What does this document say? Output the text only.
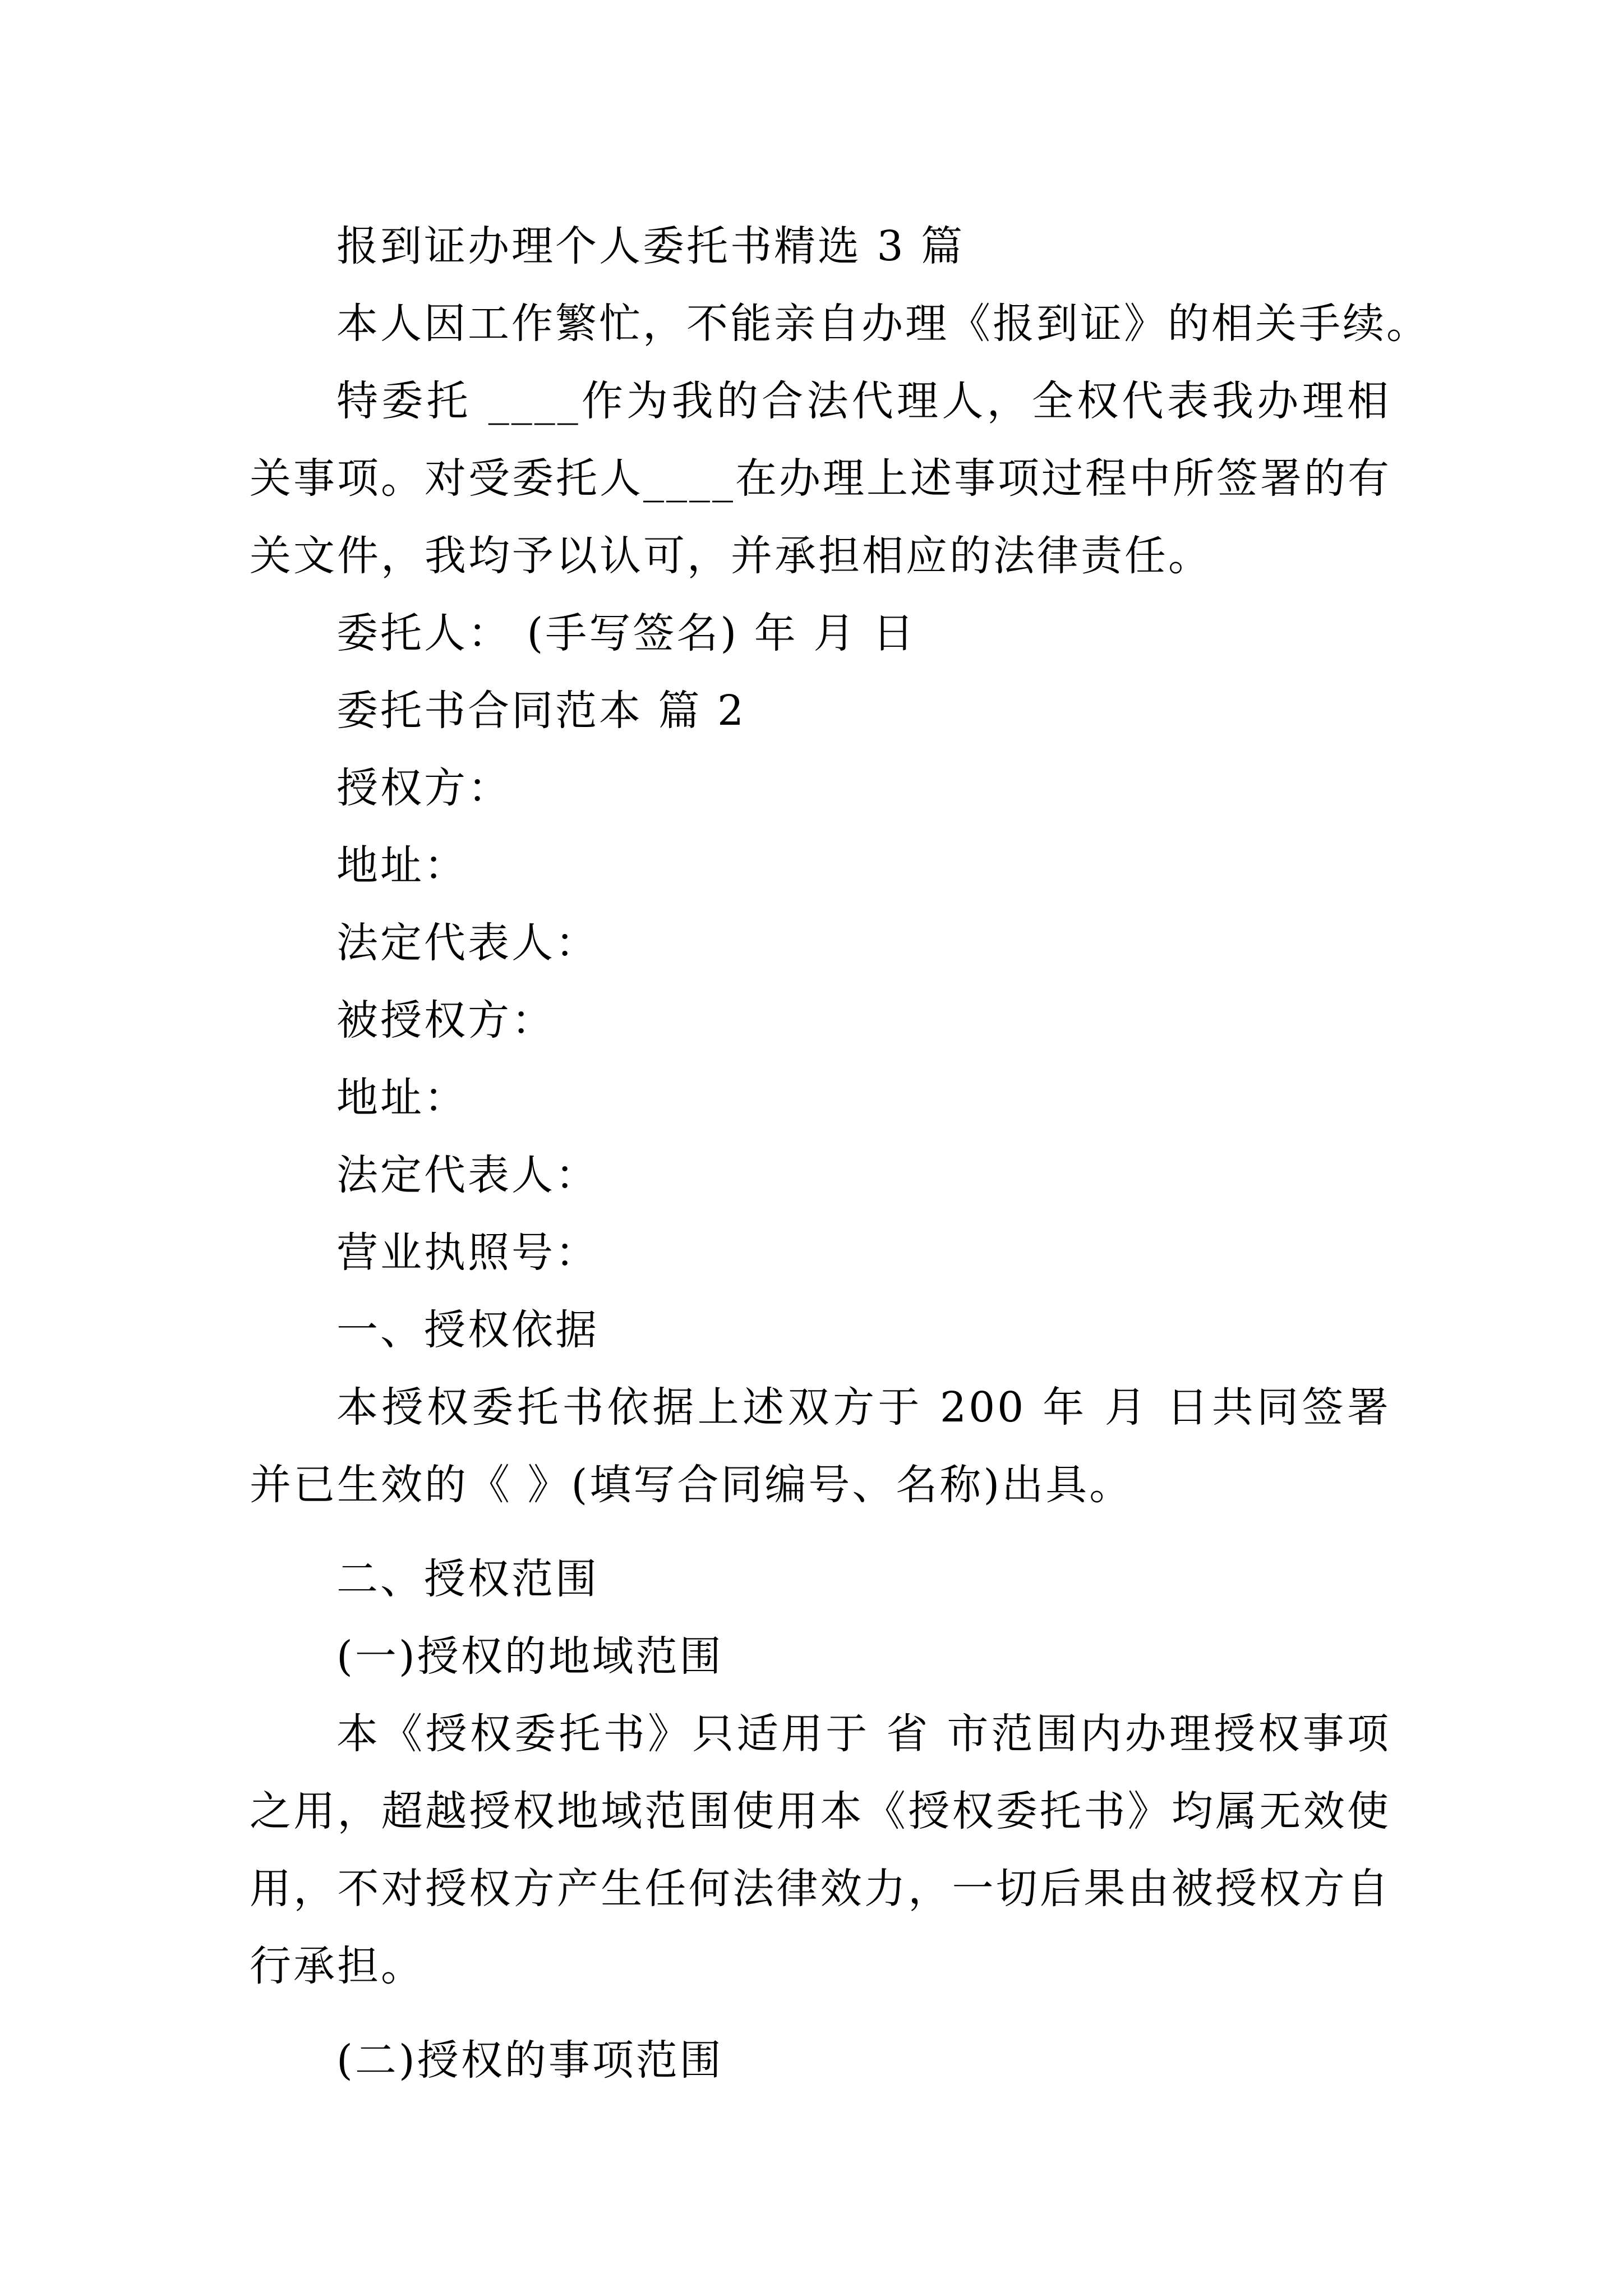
报到证办理个人委托书精选 3 篇
本人因工作繁忙，不能亲自办理《报到证》的相关手续。
特委托 ____作为我的合法代理人，全权代表我办理相
关事项。对受委托人____在办理上述事项过程中所签署的有
关文件，我均予以认可，并承担相应的法律责任。
委托人： (手写签名) 年 月 日
委托书合同范本 篇 2
授权方：
地址：
法定代表人：
被授权方：
地址：
法定代表人：
营业执照号：
一、授权依据
本授权委托书依据上述双方于 200 年 月 日共同签署
并已生效的《 》(填写合同编号、名称)出具。
二、授权范围
(一)授权的地域范围
本《授权委托书》只适用于 省 市范围内办理授权事项
之用，超越授权地域范围使用本《授权委托书》均属无效使
用，不对授权方产生任何法律效力，一切后果由被授权方自
行承担。
(二)授权的事项范围
